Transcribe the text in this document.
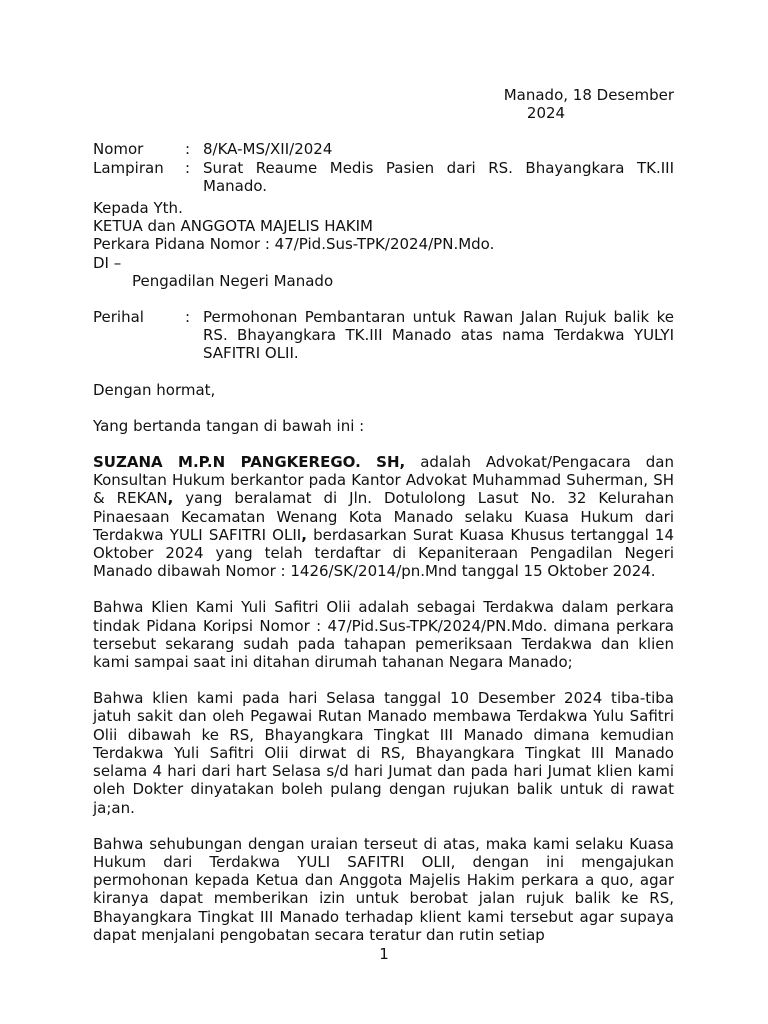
Manado, 18 Desember
2024
Nomor	: 8/KA-MS/XII/2024
Lampiran	: Surat Reaume Medis Pasien dari RS. Bhayangkara TK.III Manado.
Kepada Yth.
KETUA dan ANGGOTA MAJELIS HAKIM
Perkara Pidana Nomor : 47/Pid.Sus-TPK/2024/PN.Mdo.
DI –
Pengadilan Negeri Manado
Perihal	: Permohonan Pembantaran untuk Rawan Jalan Rujuk balik ke RS. Bhayangkara TK.III Manado atas nama Terdakwa YULYI SAFITRI OLII.
Dengan hormat,
Yang bertanda tangan di bawah ini :
SUZANA M.P.N PANGKEREGO. SH, adalah Advokat/Pengacara dan Konsultan Hukum berkantor pada Kantor Advokat Muhammad Suherman, SH & REKAN, yang beralamat di Jln. Dotulolong Lasut No. 32 Kelurahan Pinaesaan Kecamatan Wenang Kota Manado selaku Kuasa Hukum dari Terdakwa YULI SAFITRI OLII, berdasarkan Surat Kuasa Khusus tertanggal 14 Oktober 2024 yang telah terdaftar di Kepaniteraan Pengadilan Negeri Manado dibawah Nomor : 1426/SK/2014/pn.Mnd tanggal 15 Oktober 2024.
Bahwa Klien Kami Yuli Safitri Olii adalah sebagai Terdakwa dalam perkara tindak Pidana Koripsi Nomor : 47/Pid.Sus-TPK/2024/PN.Mdo. dimana perkara tersebut sekarang sudah pada tahapan pemeriksaan Terdakwa dan klien kami sampai saat ini ditahan dirumah tahanan Negara Manado;
Bahwa klien kami pada hari Selasa tanggal 10 Desember 2024 tiba-tiba jatuh sakit dan oleh Pegawai Rutan Manado membawa Terdakwa Yulu Safitri Olii dibawah ke RS, Bhayangkara Tingkat III Manado dimana kemudian Terdakwa Yuli Safitri Olii dirwat di RS, Bhayangkara Tingkat III Manado selama 4 hari dari hart Selasa s/d hari Jumat dan pada hari Jumat klien kami oleh Dokter dinyatakan boleh pulang dengan rujukan balik untuk di rawat ja;an.
Bahwa sehubungan dengan uraian terseut di atas, maka kami selaku Kuasa Hukum dari Terdakwa YULI SAFITRI OLII, dengan ini mengajukan permohonan kepada Ketua dan Anggota Majelis Hakim perkara a quo, agar kiranya dapat memberikan izin untuk berobat jalan rujuk balik ke RS, Bhayangkara Tingkat III Manado terhadap klient kami tersebut agar supaya dapat menjalani pengobatan secara teratur dan rutin setiap
1
